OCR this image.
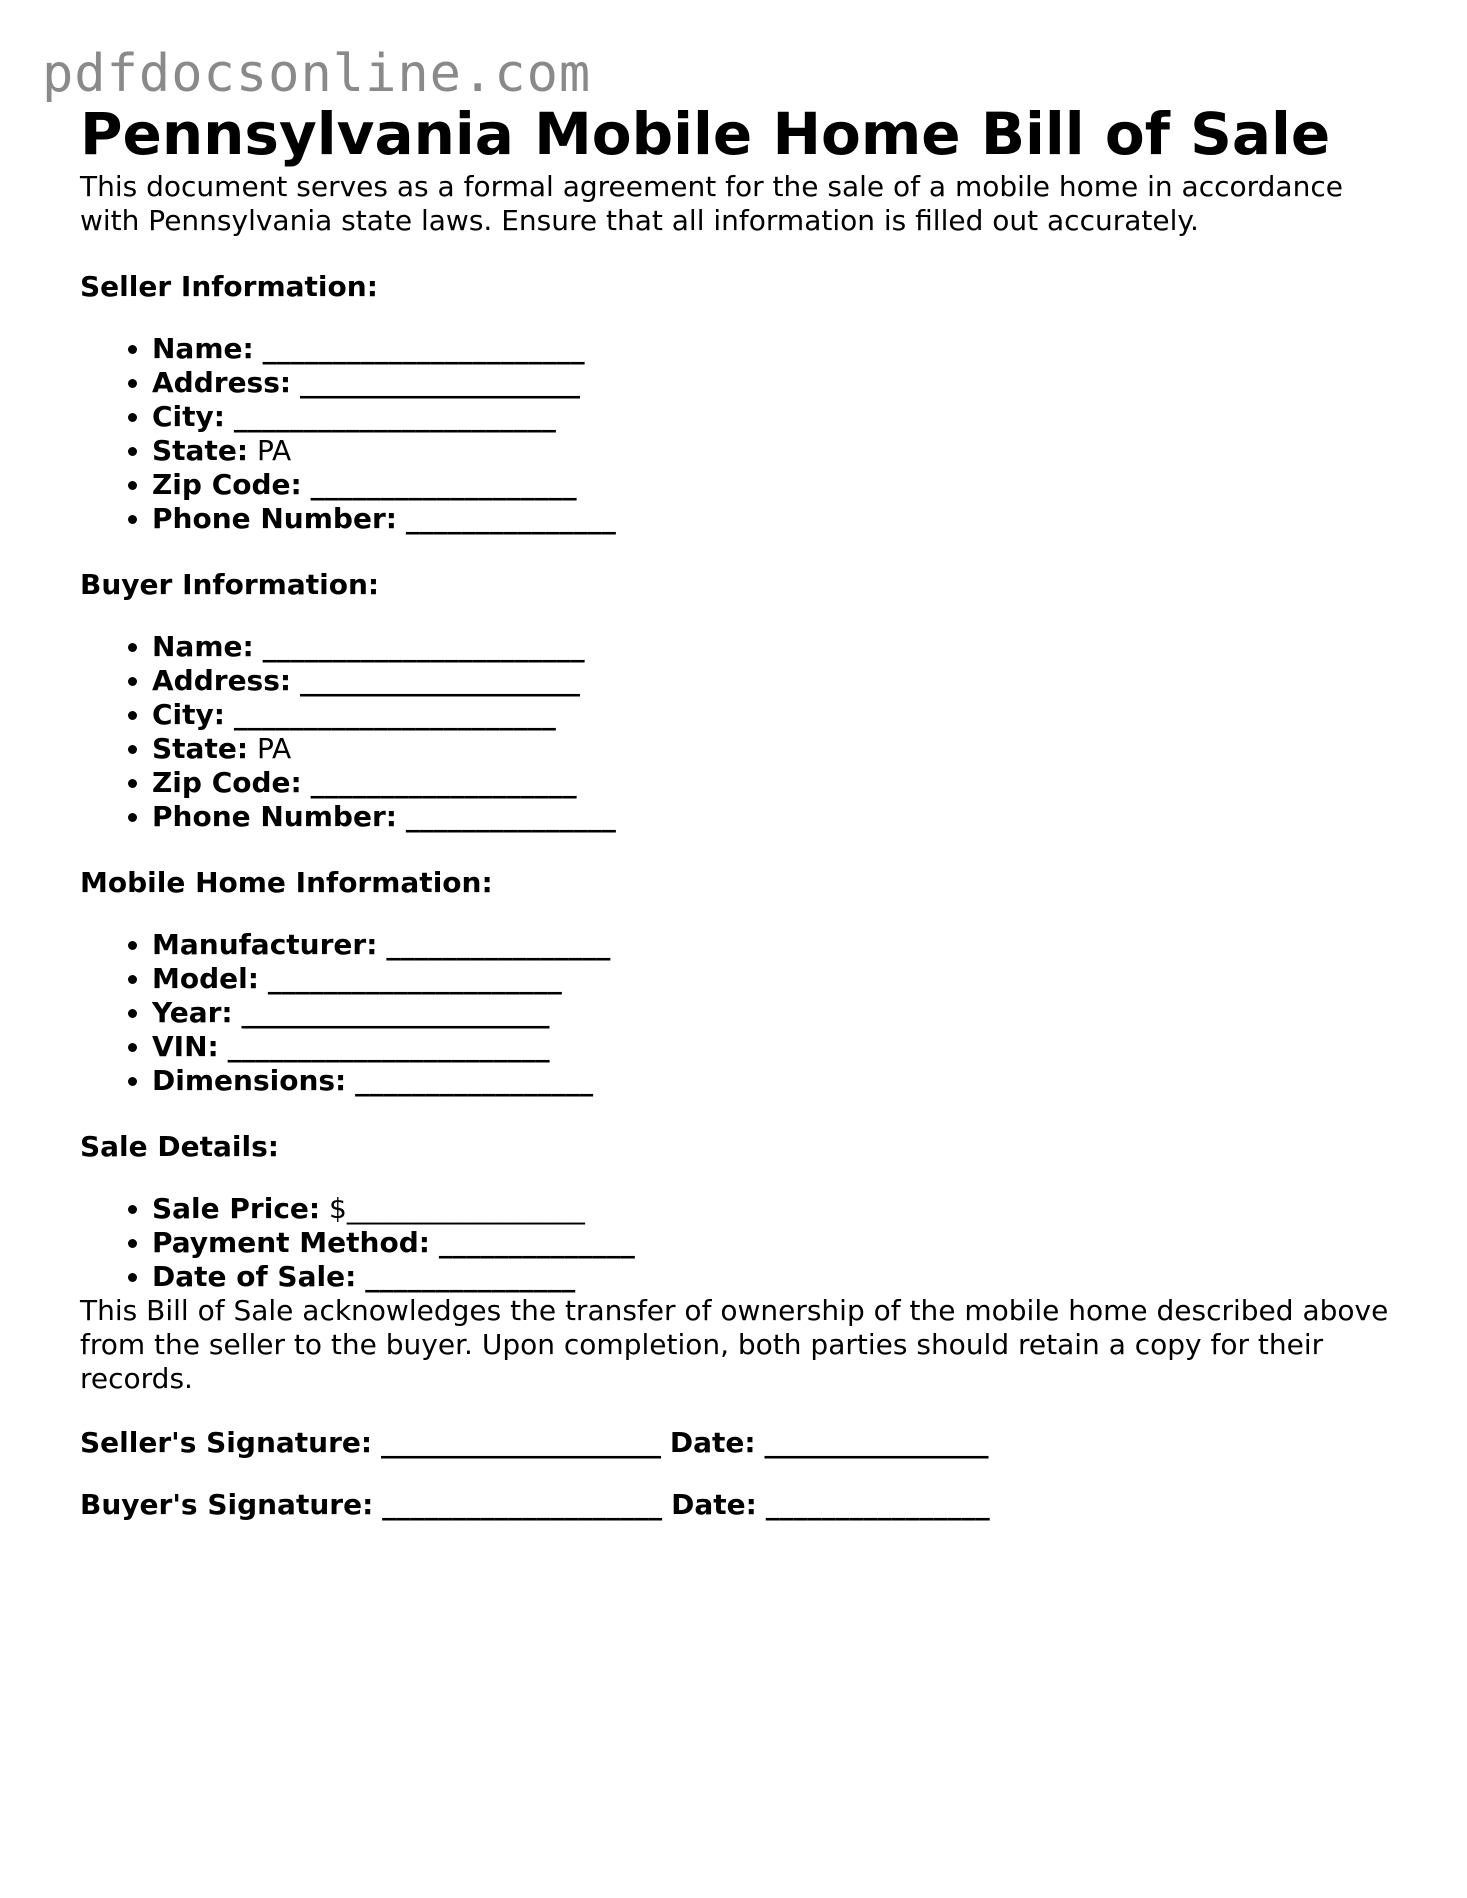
pdfdocsonline.com
Pennsylvania Mobile Home Bill of Sale

This document serves as a formal agreement for the sale of a mobile home in accordance with Pennsylvania state laws. Ensure that all information is filled out accurately.

Seller Information:
• Name: _______________________
• Address: ____________________
• City: _______________________
• State: PA
• Zip Code: ___________________
• Phone Number: _______________
Buyer Information:
• Name: _______________________
• Address: ____________________
• City: _______________________
• State: PA
• Zip Code: ___________________
• Phone Number: _______________
Mobile Home Information:
• Manufacturer: ________________
• Model: _____________________
• Year: ______________________
• VIN: _______________________
• Dimensions: _________________
Sale Details:
• Sale Price: $_________________
• Payment Method: ______________
• Date of Sale: _______________

This Bill of Sale acknowledges the transfer of ownership of the mobile home described above from the seller to the buyer. Upon completion, both parties should retain a copy for their records.

Seller's Signature: ____________________ Date: ________________

Buyer's Signature: ____________________ Date: ________________
